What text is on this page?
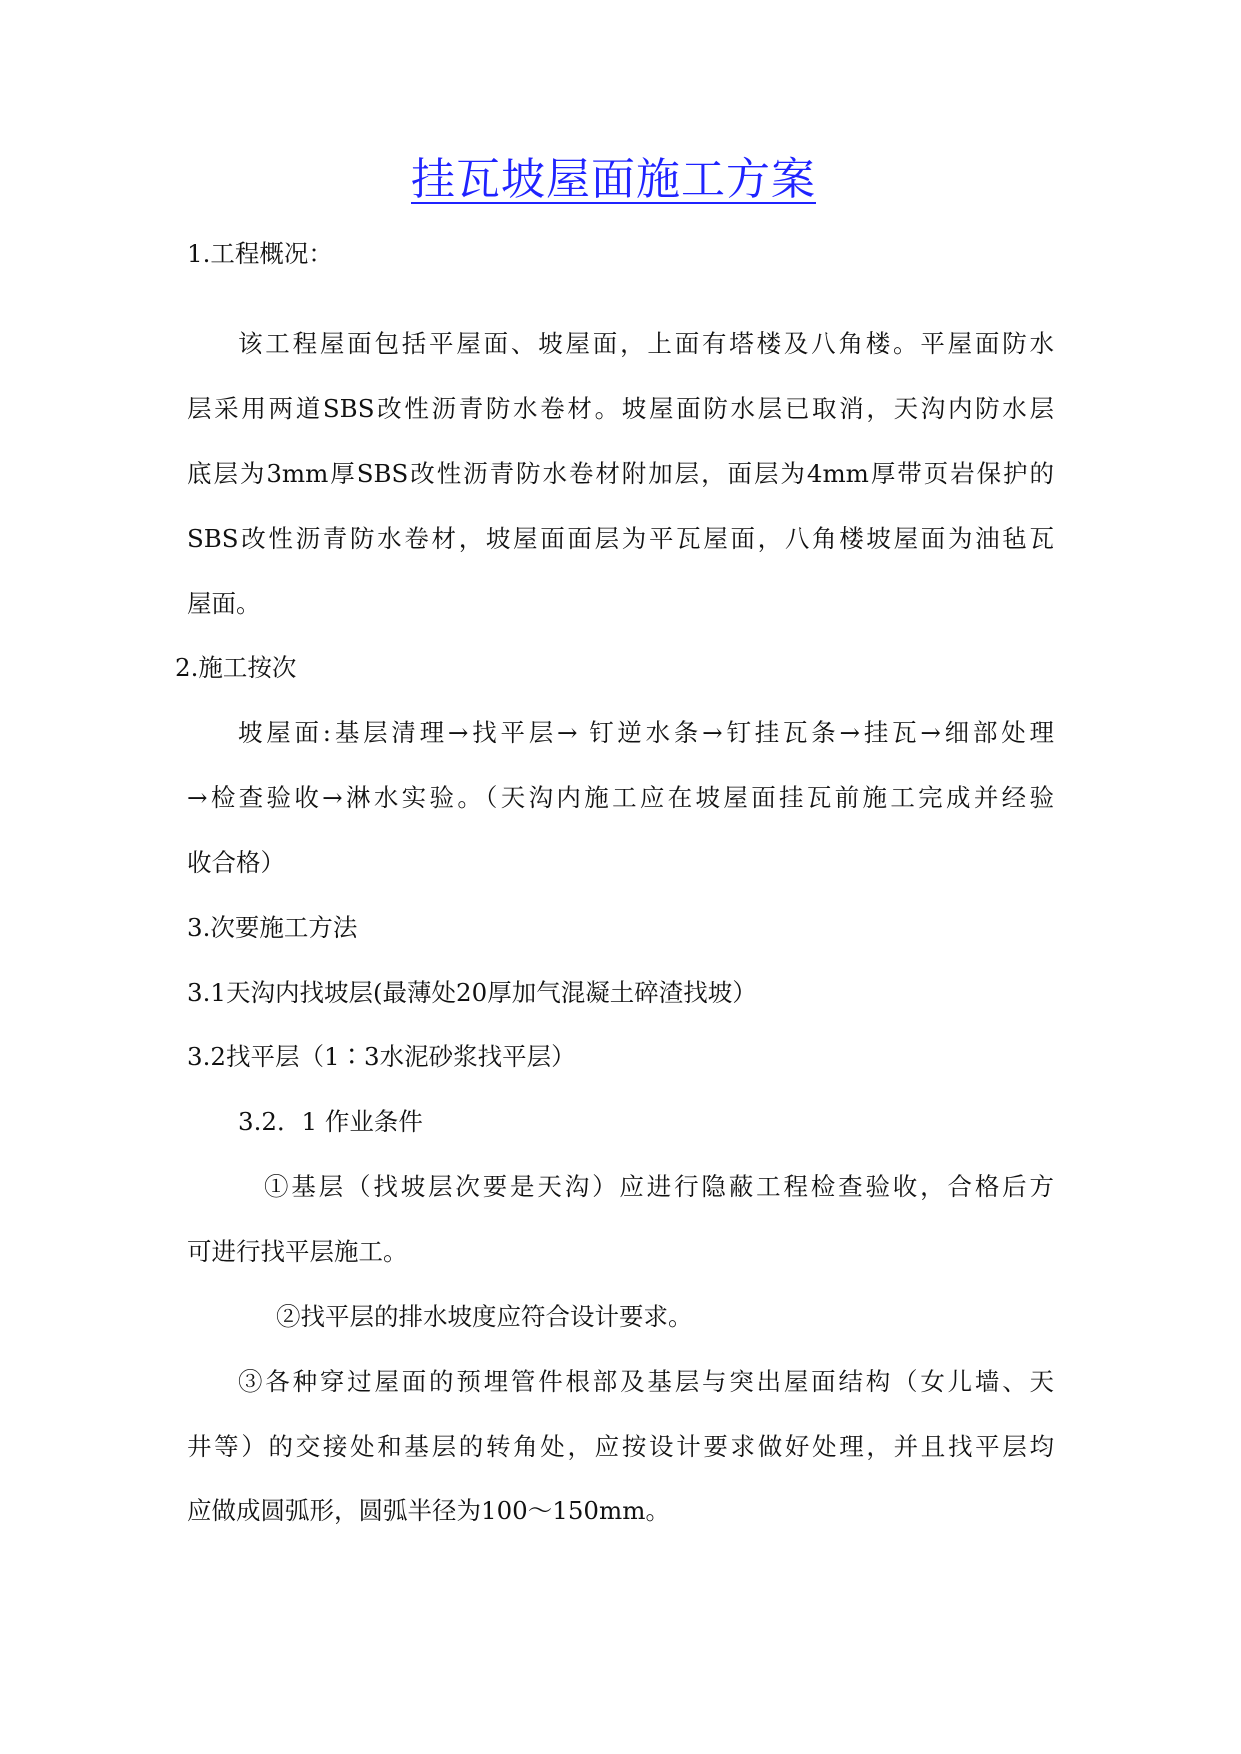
挂瓦坡屋面施工方案
1.工程概况：
该工程屋面包括平屋面、坡屋面，上面有塔楼及八角楼。平屋面防水
层采用两道SBS改性沥青防水卷材。坡屋面防水层已取消，天沟内防水层
底层为3mm厚SBS改性沥青防水卷材附加层，面层为4mm厚带页岩保护的
SBS改性沥青防水卷材，坡屋面面层为平瓦屋面，八角楼坡屋面为油毡瓦
屋面。
2.施工按次
坡屋面:基层清理→找平层→ 钉逆水条→钉挂瓦条→挂瓦→细部处理
→检查验收→淋水实验。（天沟内施工应在坡屋面挂瓦前施工完成并经验
收合格）
3.次要施工方法
3.1天沟内找坡层(最薄处20厚加气混凝土碎渣找坡）
3.2找平层（1∶3水泥砂浆找平层）
3.2．1 作业条件
①基层（找坡层次要是天沟）应进行隐蔽工程检查验收，合格后方
可进行找平层施工。
②找平层的排水坡度应符合设计要求。
③各种穿过屋面的预埋管件根部及基层与突出屋面结构（女儿墙、天
井等）的交接处和基层的转角处，应按设计要求做好处理，并且找平层均
应做成圆弧形，圆弧半径为100～150mm。
